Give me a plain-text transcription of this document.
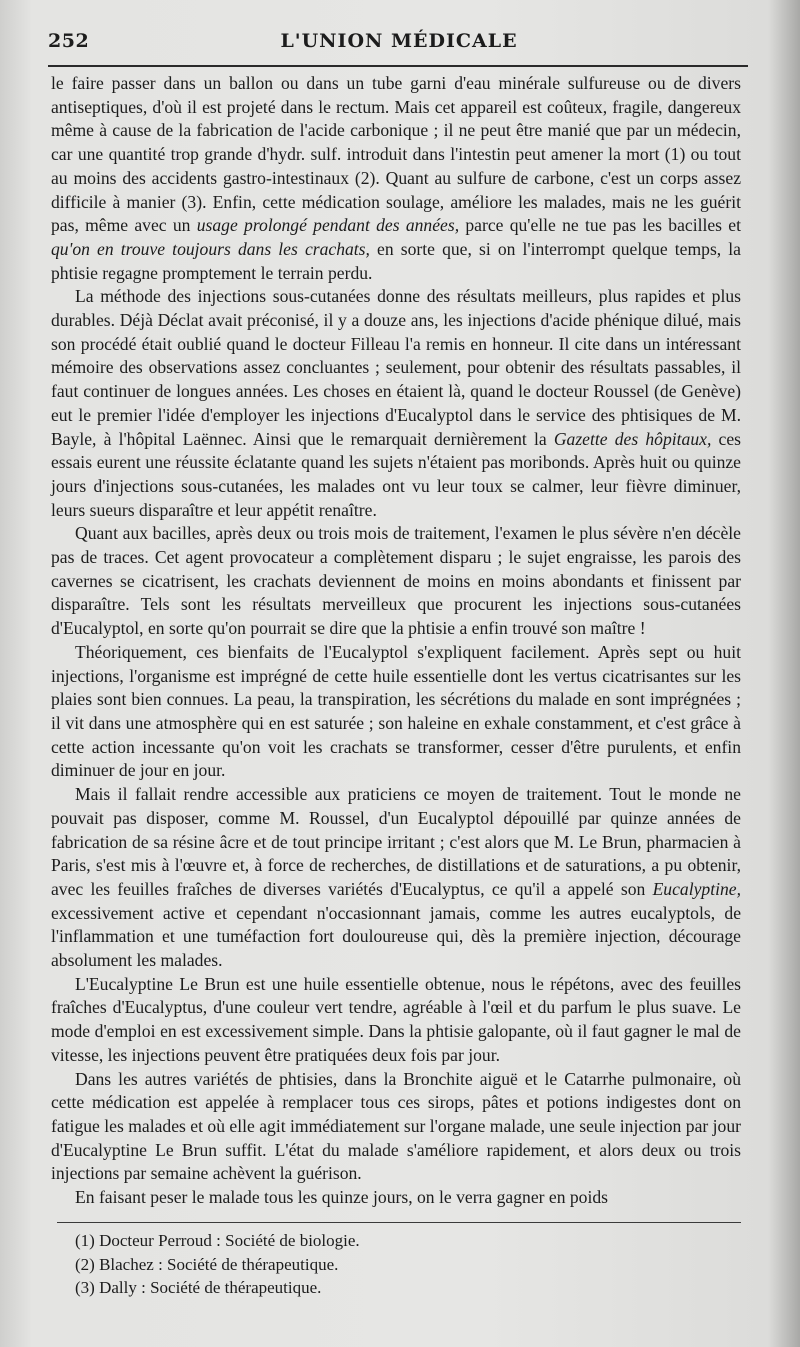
252	L'UNION MÉDICALE

le faire passer dans un ballon ou dans un tube garni d'eau minérale sulfureuse ou de divers antiseptiques, d'où il est projeté dans le rectum. Mais cet appareil est coûteux, fragile, dangereux même à cause de la fabrication de l'acide carbonique ; il ne peut être manié que par un médecin, car une quantité trop grande d'hydr. sulf. introduit dans l'intestin peut amener la mort (1) ou tout au moins des accidents gastro-intestinaux (2). Quant au sulfure de carbone, c'est un corps assez difficile à manier (3). Enfin, cette médication soulage, améliore les malades, mais ne les guérit pas, même avec un usage prolongé pendant des années, parce qu'elle ne tue pas les bacilles et qu'on en trouve toujours dans les crachats, en sorte que, si on l'interrompt quelque temps, la phtisie regagne promptement le terrain perdu.

La méthode des injections sous-cutanées donne des résultats meilleurs, plus rapides et plus durables. Déjà Déclat avait préconisé, il y a douze ans, les injections d'acide phénique dilué, mais son procédé était oublié quand le docteur Filleau l'a remis en honneur. Il cite dans un intéressant mémoire des observations assez concluantes ; seulement, pour obtenir des résultats passables, il faut continuer de longues années. Les choses en étaient là, quand le docteur Roussel (de Genève) eut le premier l'idée d'employer les injections d'Eucalyptol dans le service des phtisiques de M. Bayle, à l'hôpital Laënnec. Ainsi que le remarquait dernièrement la Gazette des hôpitaux, ces essais eurent une réussite éclatante quand les sujets n'étaient pas moribonds. Après huit ou quinze jours d'injections sous-cutanées, les malades ont vu leur toux se calmer, leur fièvre diminuer, leurs sueurs disparaître et leur appétit renaître.

Quant aux bacilles, après deux ou trois mois de traitement, l'examen le plus sévère n'en décèle pas de traces. Cet agent provocateur a complètement disparu ; le sujet engraisse, les parois des cavernes se cicatrisent, les crachats deviennent de moins en moins abondants et finissent par disparaître. Tels sont les résultats merveilleux que procurent les injections sous-cutanées d'Eucalyptol, en sorte qu'on pourrait se dire que la phtisie a enfin trouvé son maître !

Théoriquement, ces bienfaits de l'Eucalyptol s'expliquent facilement. Après sept ou huit injections, l'organisme est imprégné de cette huile essentielle dont les vertus cicatrisantes sur les plaies sont bien connues. La peau, la transpiration, les sécrétions du malade en sont imprégnées ; il vit dans une atmosphère qui en est saturée ; son haleine en exhale constamment, et c'est grâce à cette action incessante qu'on voit les crachats se transformer, cesser d'être purulents, et enfin diminuer de jour en jour.

Mais il fallait rendre accessible aux praticiens ce moyen de traitement. Tout le monde ne pouvait pas disposer, comme M. Roussel, d'un Eucalyptol dépouillé par quinze années de fabrication de sa résine âcre et de tout principe irritant ; c'est alors que M. Le Brun, pharmacien à Paris, s'est mis à l'œuvre et, à force de recherches, de distillations et de saturations, a pu obtenir, avec les feuilles fraîches de diverses variétés d'Eucalyptus, ce qu'il a appelé son Eucalyptine, excessivement active et cependant n'occasionnant jamais, comme les autres eucalyptols, de l'inflammation et une tuméfaction fort douloureuse qui, dès la première injection, décourage absolument les malades.

L'Eucalyptine Le Brun est une huile essentielle obtenue, nous le répétons, avec des feuilles fraîches d'Eucalyptus, d'une couleur vert tendre, agréable à l'œil et du parfum le plus suave. Le mode d'emploi en est excessivement simple. Dans la phtisie galopante, où il faut gagner le mal de vitesse, les injections peuvent être pratiquées deux fois par jour.

Dans les autres variétés de phtisies, dans la Bronchite aiguë et le Catarrhe pulmonaire, où cette médication est appelée à remplacer tous ces sirops, pâtes et potions indigestes dont on fatigue les malades et où elle agit immédiatement sur l'organe malade, une seule injection par jour d'Eucalyptine Le Brun suffit. L'état du malade s'améliore rapidement, et alors deux ou trois injections par semaine achèvent la guérison.

En faisant peser le malade tous les quinze jours, on le verra gagner en poids

(1) Docteur Perroud : Société de biologie.
(2) Blachez : Société de thérapeutique.
(3) Dally : Société de thérapeutique.
